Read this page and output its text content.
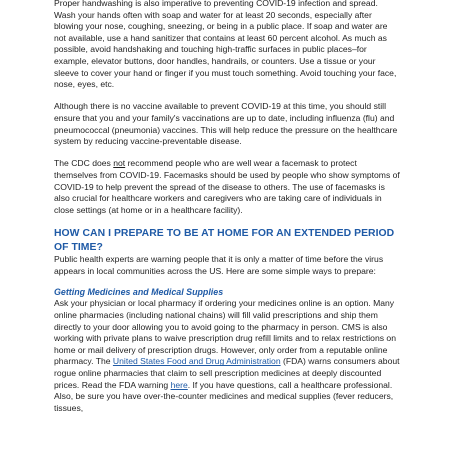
Proper handwashing is also imperative to preventing COVID-19 infection and spread. Wash your hands often with soap and water for at least 20 seconds, especially after blowing your nose, coughing, sneezing, or being in a public place. If soap and water are not available, use a hand sanitizer that contains at least 60 percent alcohol. As much as possible, avoid handshaking and touching high-traffic surfaces in public places–for example, elevator buttons, door handles, handrails, or counters. Use a tissue or your sleeve to cover your hand or finger if you must touch something. Avoid touching your face, nose, eyes, etc.

Although there is no vaccine available to prevent COVID-19 at this time, you should still ensure that you and your family's vaccinations are up to date, including influenza (flu) and pneumococcal (pneumonia) vaccines. This will help reduce the pressure on the healthcare system by reducing vaccine-preventable disease.

The CDC does not recommend people who are well wear a facemask to protect themselves from COVID-19. Facemasks should be used by people who show symptoms of COVID-19 to help prevent the spread of the disease to others. The use of facemasks is also crucial for healthcare workers and caregivers who are taking care of individuals in close settings (at home or in a healthcare facility).

HOW CAN I PREPARE TO BE AT HOME FOR AN EXTENDED PERIOD OF TIME?

Public health experts are warning people that it is only a matter of time before the virus appears in local communities across the US. Here are some simple ways to prepare:

Getting Medicines and Medical Supplies

Ask your physician or local pharmacy if ordering your medicines online is an option. Many online pharmacies (including national chains) will fill valid prescriptions and ship them directly to your door allowing you to avoid going to the pharmacy in person. CMS is also working with private plans to waive prescription drug refill limits and to relax restrictions on home or mail delivery of prescription drugs. However, only order from a reputable online pharmacy. The United States Food and Drug Administration (FDA) warns consumers about rogue online pharmacies that claim to sell prescription medicines at deeply discounted prices. Read the FDA warning here. If you have questions, call a healthcare professional. Also, be sure you have over-the-counter medicines and medical supplies (fever reducers, tissues,
